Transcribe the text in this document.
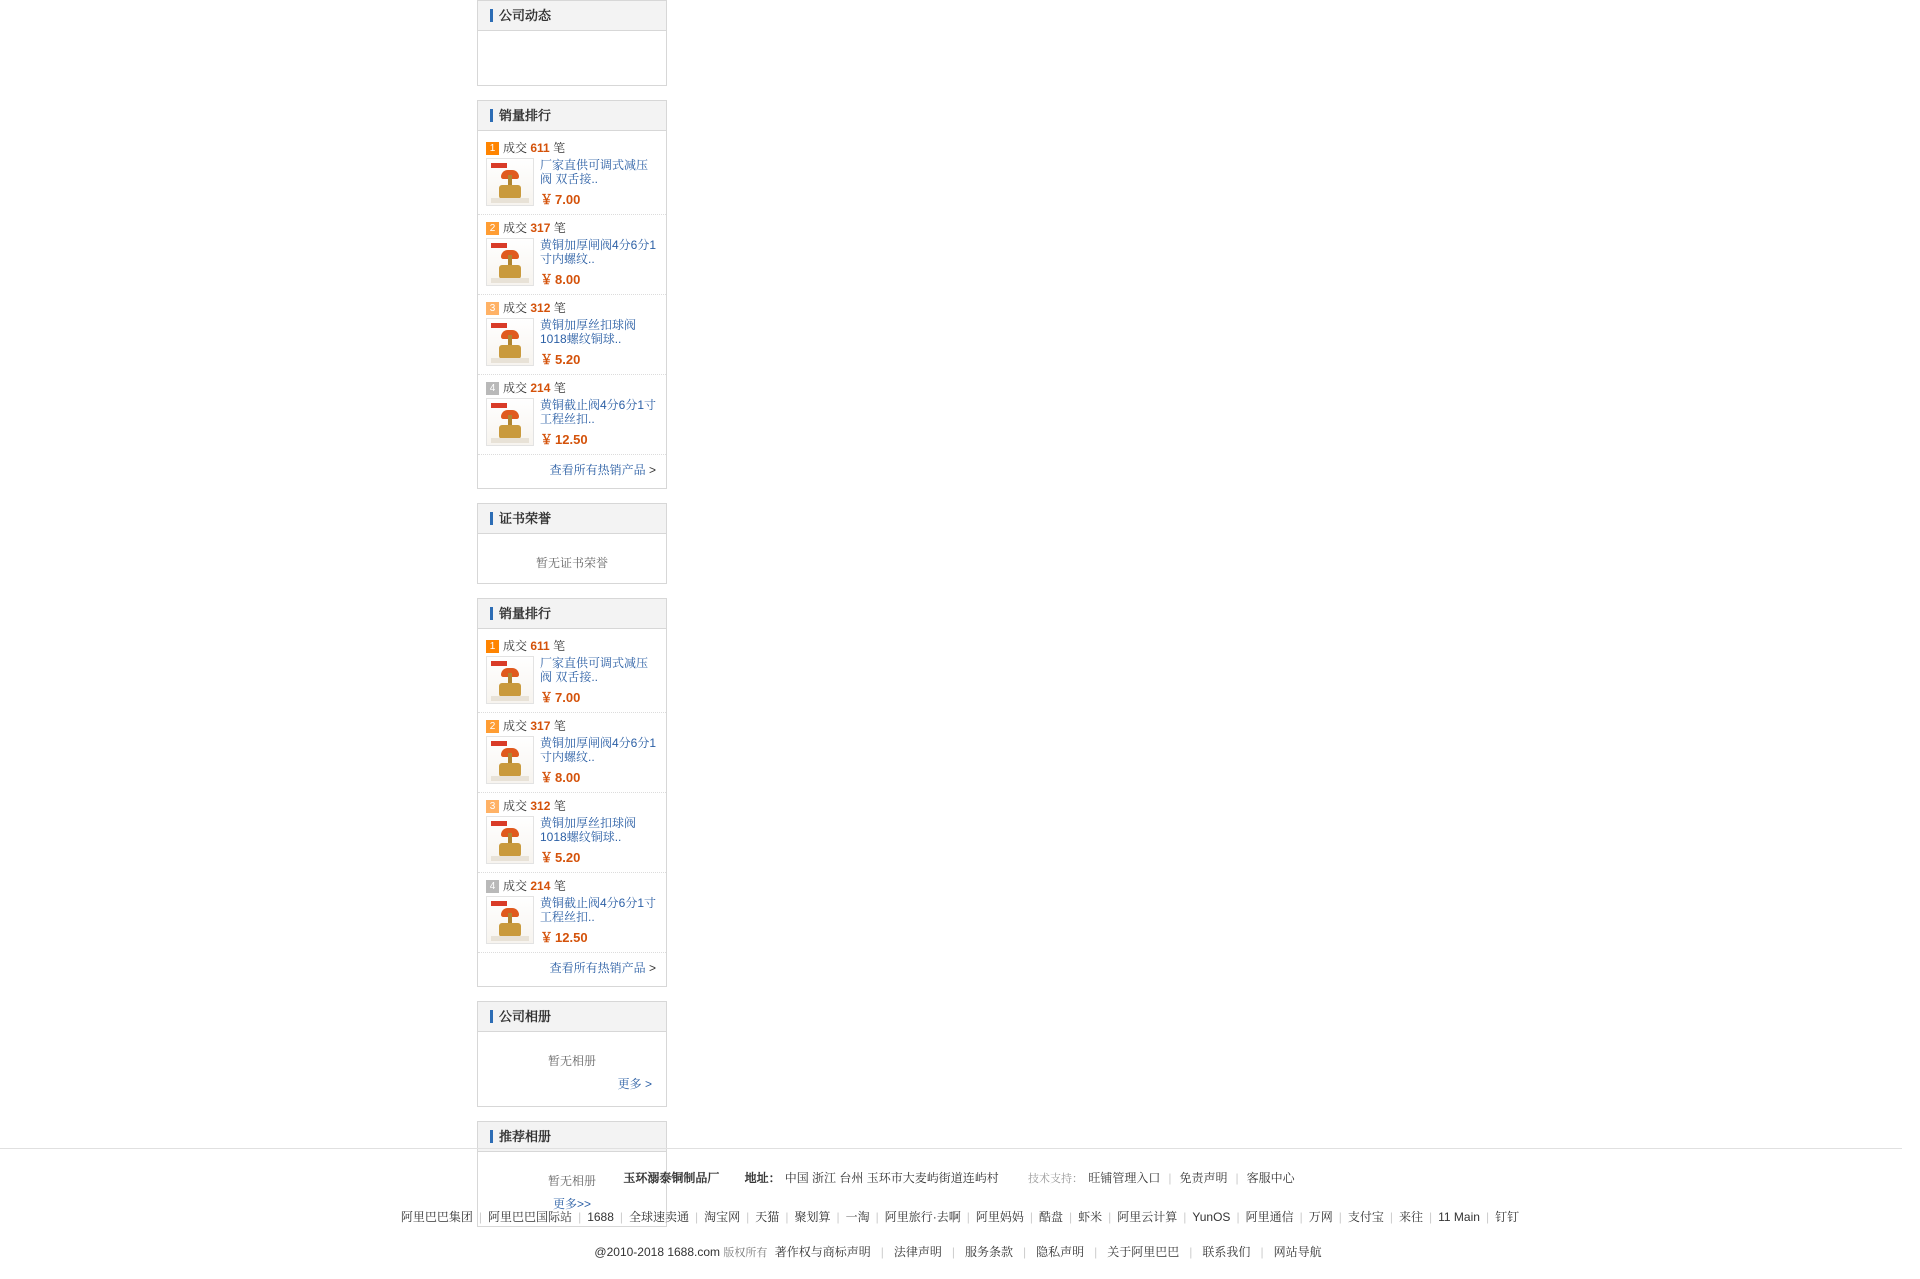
公司动态
销量排行
1 成交 611 笔
厂家直供可调式减压阀 双舌接..
￥ 7.00
2 成交 317 笔
黄铜加厚闸阀4分6分1寸内螺纹..
￥ 8.00
3 成交 312 笔
黄铜加厚丝扣球阀 1018螺纹铜球..
￥ 5.20
4 成交 214 笔
黄铜截止阀4分6分1寸 工程丝扣..
￥ 12.50
查看所有热销产品 >
证书荣誉
暂无证书荣誉
销量排行
1 成交 611 笔
厂家直供可调式减压阀 双舌接..
￥ 7.00
2 成交 317 笔
黄铜加厚闸阀4分6分1寸内螺纹..
￥ 8.00
3 成交 312 笔
黄铜加厚丝扣球阀 1018螺纹铜球..
￥ 5.20
4 成交 214 笔
黄铜截止阀4分6分1寸 工程丝扣..
￥ 12.50
查看所有热销产品 >
公司相册
暂无相册
更多 >
推荐相册
暂无相册
更多>>
玉环溺泰铜制品厂 地址： 中国 浙江 台州 玉环市大麦屿街道连屿村	技术支持： 旺铺管理入口 | 免责声明 | 客服中心
阿里巴巴集团 | 阿里巴巴国际站 | 1688 | 全球速卖通 | 淘宝网 | 天猫 | 聚划算 | 一淘 | 阿里旅行·去啊 | 阿里妈妈 | 酷盘 | 虾米 | 阿里云计算 | YunOS | 阿里通信 | 万网 | 支付宝 | 来往 | 11 Main | 钉钉
@2010-2018 1688.com 版权所有 著作权与商标声明 | 法律声明 | 服务条款 | 隐私声明 | 关于阿里巴巴 | 联系我们 | 网站导航
